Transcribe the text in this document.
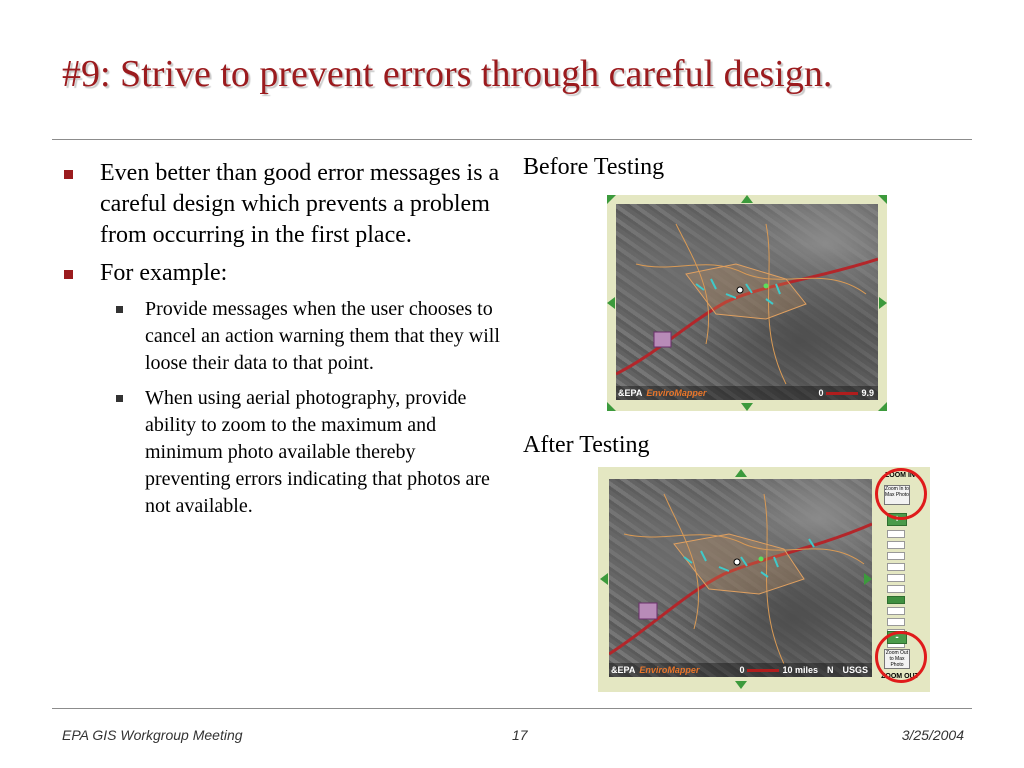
#9: Strive to prevent errors through careful design.
Even better than good error messages is a careful design which prevents a problem from occurring in the first place.
For example:
Provide messages when the user chooses to cancel an action warning them that they will loose their data to that point.
When using aerial photography, provide ability to zoom to the maximum and minimum photo available thereby preventing errors indicating that photos are not available.
Before Testing
&EPA EnviroMapper	0	9.9
After Testing
&EPA EnviroMapper	0	10 miles N USGS
ZOOM IN
Zoom In to Max Photo
+
-
Zoom Out to Max Photo
ZOOM OUT
EPA GIS Workgroup Meeting	17	3/25/2004
